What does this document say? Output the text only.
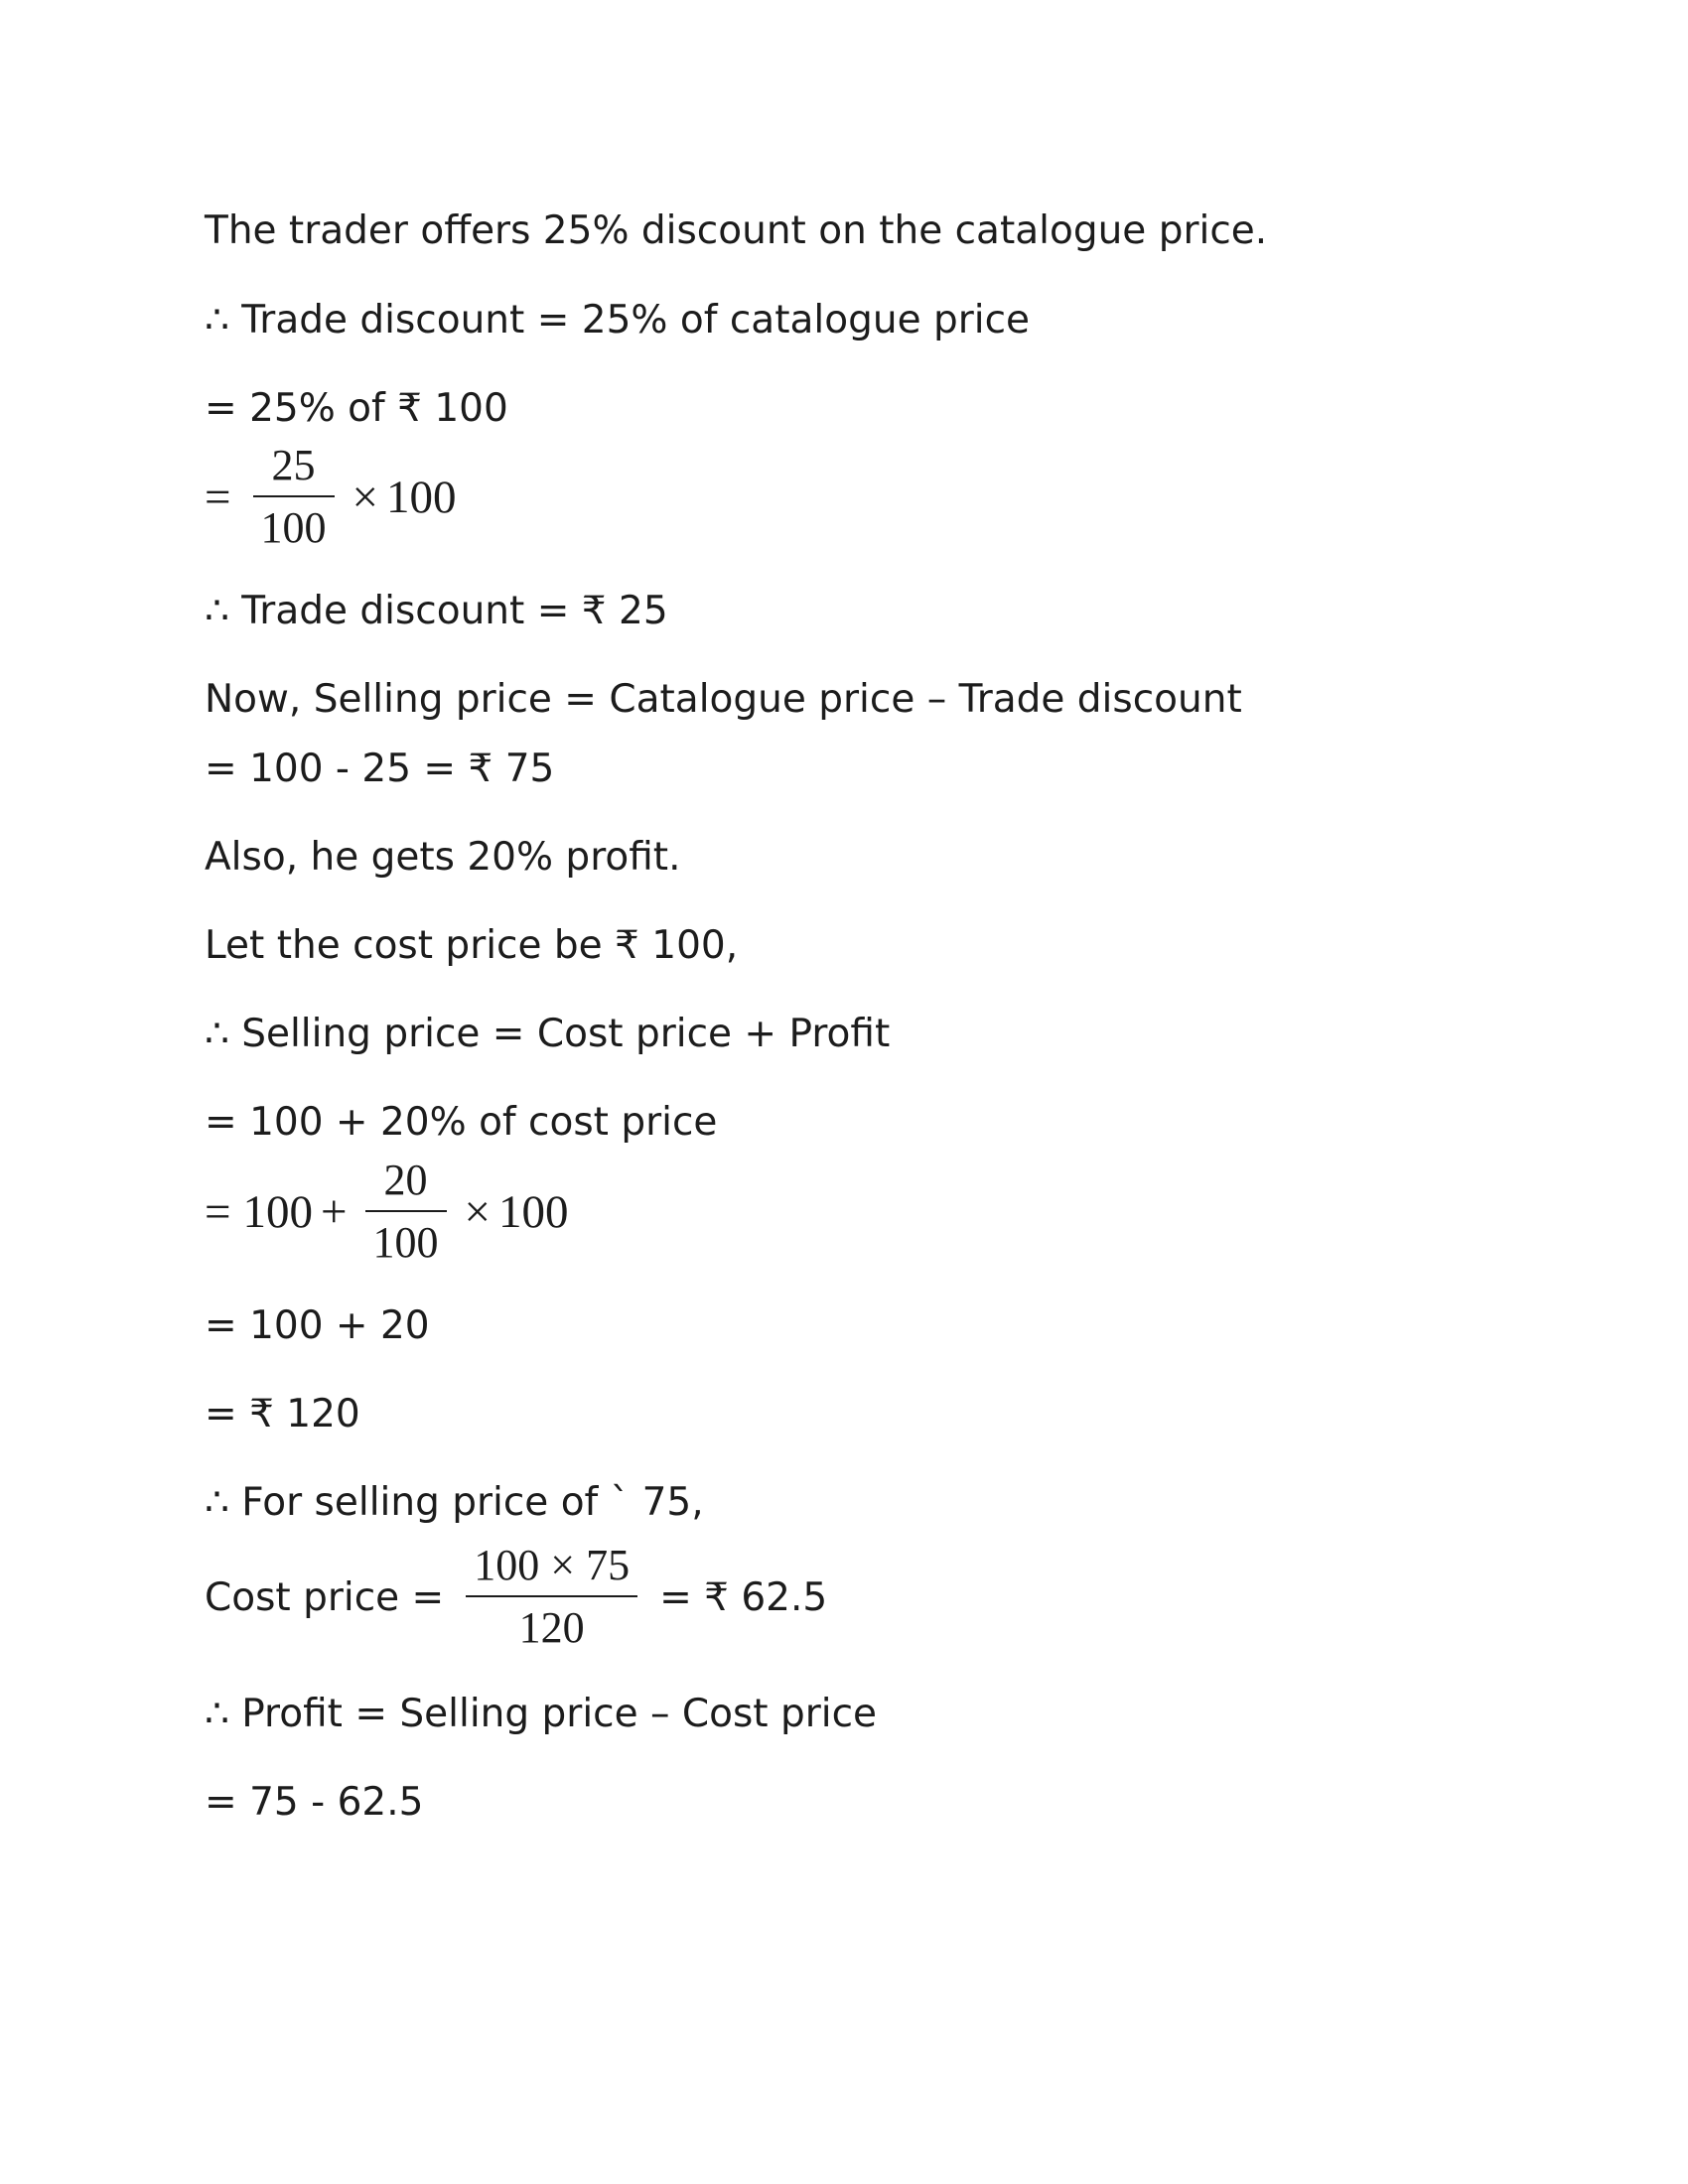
The trader offers 25% discount on the catalogue price.
∴ Trade discount = 25% of catalogue price
= 25% of ₹ 100
= $\frac{25}{100} \times 100$
∴ Trade discount = ₹ 25
Now, Selling price = Catalogue price – Trade discount
= 100 - 25 = ₹ 75
Also, he gets 20% profit.
Let the cost price be ₹ 100,
∴ Selling price = Cost price + Profit
= 100 + 20% of cost price
= $100 + \frac{20}{100} \times 100$
= 100 + 20
= ₹ 120
∴ For selling price of ` 75,
Cost price = $\frac{100 \times 75}{120}$ = ₹ 62.5
∴ Profit = Selling price – Cost price
= 75 - 62.5
